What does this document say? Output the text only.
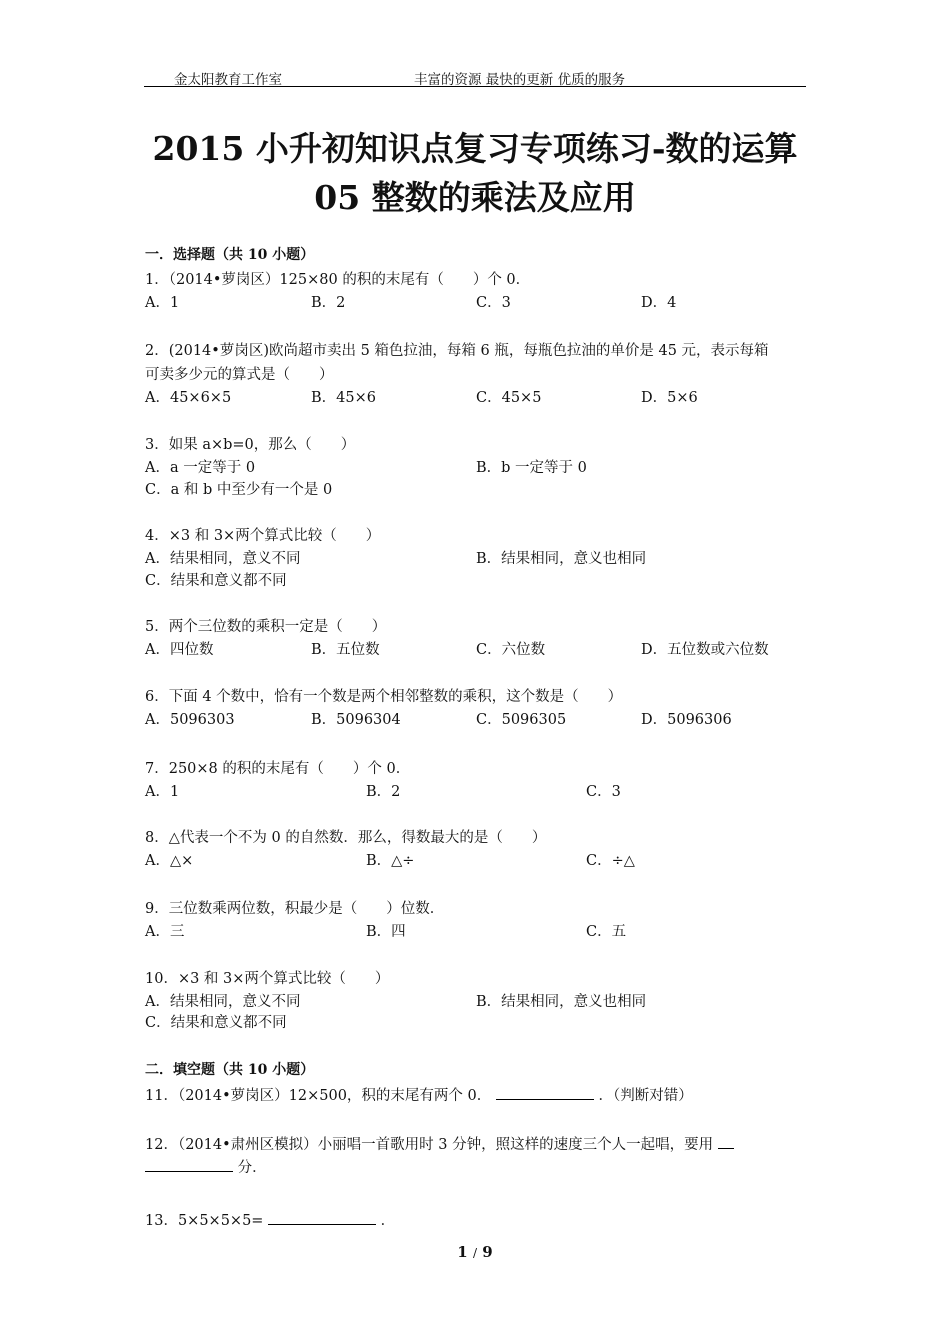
金太阳教育工作室	丰富的资源 最快的更新 优质的服务
2015 小升初知识点复习专项练习-数的运算
05 整数的乘法及应用
一．选择题（共 10 小题）
1．（2014•萝岗区）125×80 的积的末尾有（　　）个 0．
A．1	B．2	C．3	D．4
2．(2014•萝岗区)欧尚超市卖出 5 箱色拉油，每箱 6 瓶，每瓶色拉油的单价是 45 元，表示每箱
可卖多少元的算式是（　　）
A．45×6×5	B．45×6	C．45×5	D．5×6
3．如果 a×b=0，那么（　　）
A．a 一定等于 0	B．b 一定等于 0
C．a 和 b 中至少有一个是 0
4．×3 和 3×两个算式比较（　　）
A．结果相同，意义不同	B．结果相同，意义也相同
C．结果和意义都不同
5．两个三位数的乘积一定是（　　）
A．四位数	B．五位数	C．六位数	D．五位数或六位数
6．下面 4 个数中，恰有一个数是两个相邻整数的乘积，这个数是（　　）
A．5096303	B．5096304	C．5096305	D．5096306
7．250×8 的积的末尾有（　　）个 0．
A．1	B．2	C．3
8．△代表一个不为 0 的自然数．那么，得数最大的是（　　）
A．△×	B．△÷	C．÷△
9．三位数乘两位数，积最少是（　　）位数．
A．三	B．四	C．五
10．×3 和 3×两个算式比较（　　）
A．结果相同，意义不同	B．结果相同，意义也相同
C．结果和意义都不同
二．填空题（共 10 小题）
11．（2014•萝岗区）12×500，积的末尾有两个 0．	．（判断对错）
12．（2014•肃州区模拟）小丽唱一首歌用时 3 分钟，照这样的速度三个人一起唱，要用
分．
13．5×5×5×5=	．
1 / 9
